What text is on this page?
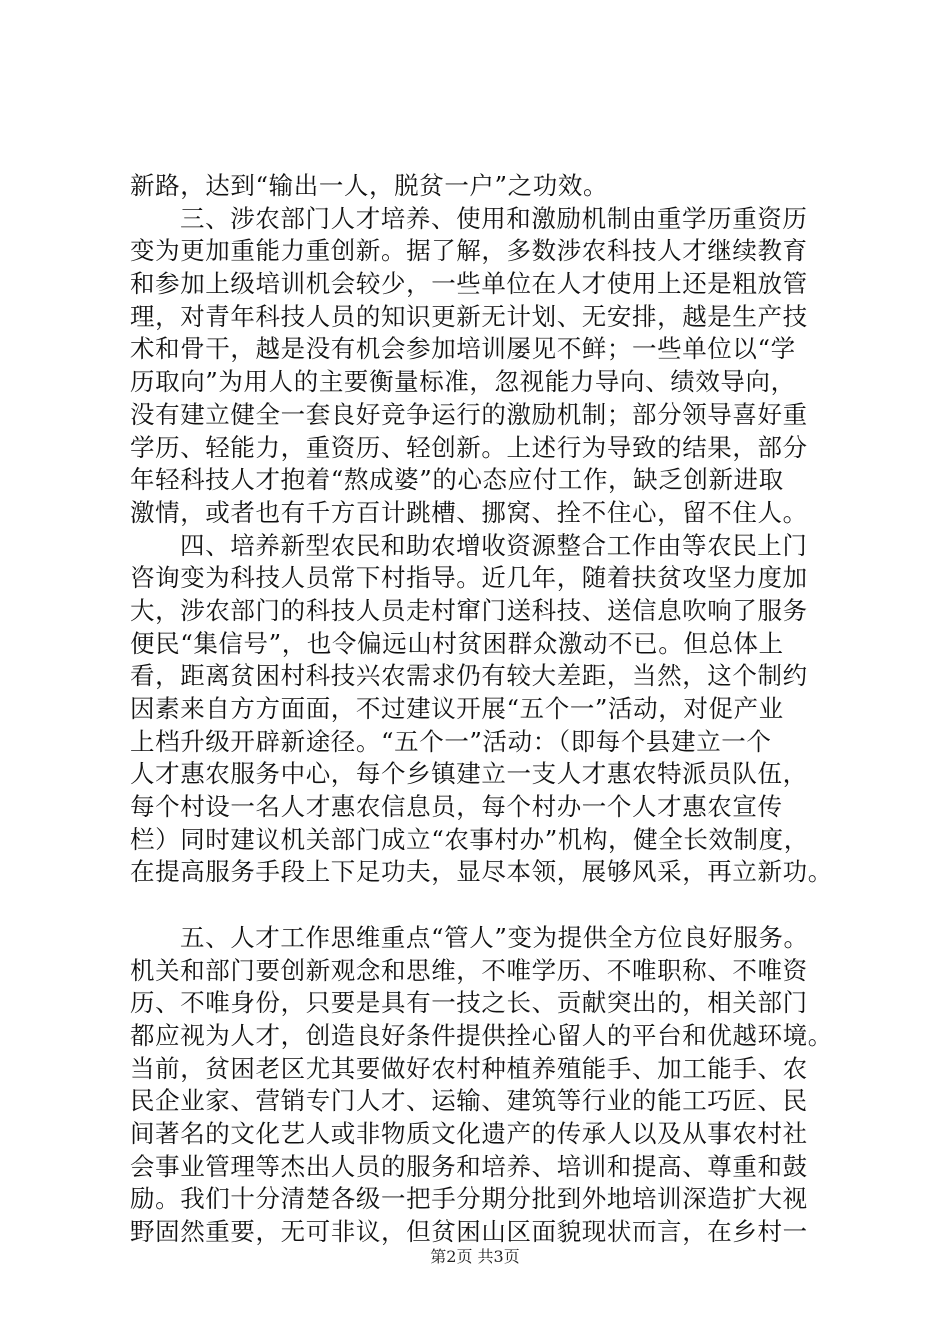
新路，达到“输出一人，脱贫一户”之功效。
三、涉农部门人才培养、使用和激励机制由重学历重资历
变为更加重能力重创新。据了解，多数涉农科技人才继续教育
和参加上级培训机会较少，一些单位在人才使用上还是粗放管
理，对青年科技人员的知识更新无计划、无安排，越是生产技
术和骨干，越是没有机会参加培训屡见不鲜；一些单位以“学
历取向”为用人的主要衡量标准，忽视能力导向、绩效导向，
没有建立健全一套良好竞争运行的激励机制；部分领导喜好重
学历、轻能力，重资历、轻创新。上述行为导致的结果，部分
年轻科技人才抱着“熬成婆”的心态应付工作，缺乏创新进取
激情，或者也有千方百计跳槽、挪窝、拴不住心，留不住人。
四、培养新型农民和助农增收资源整合工作由等农民上门
咨询变为科技人员常下村指导。近几年，随着扶贫攻坚力度加
大，涉农部门的科技人员走村窜门送科技、送信息吹响了服务
便民“集信号”，也令偏远山村贫困群众激动不已。但总体上
看，距离贫困村科技兴农需求仍有较大差距，当然，这个制约
因素来自方方面面，不过建议开展“五个一”活动，对促产业
上档升级开辟新途径。“五个一”活动：（即每个县建立一个
人才惠农服务中心，每个乡镇建立一支人才惠农特派员队伍，
每个村设一名人才惠农信息员，每个村办一个人才惠农宣传
栏）同时建议机关部门成立“农事村办”机构，健全长效制度，
在提高服务手段上下足功夫，显尽本领，展够风采，再立新功。
五、人才工作思维重点“管人”变为提供全方位良好服务。
机关和部门要创新观念和思维，不唯学历、不唯职称、不唯资
历、不唯身份，只要是具有一技之长、贡献突出的，相关部门
都应视为人才，创造良好条件提供拴心留人的平台和优越环境。
当前，贫困老区尤其要做好农村种植养殖能手、加工能手、农
民企业家、营销专门人才、运输、建筑等行业的能工巧匠、民
间著名的文化艺人或非物质文化遗产的传承人以及从事农村社
会事业管理等杰出人员的服务和培养、培训和提高、尊重和鼓
励。我们十分清楚各级一把手分期分批到外地培训深造扩大视
野固然重要，无可非议，但贫困山区面貌现状而言，在乡村一
第2页 共3页
